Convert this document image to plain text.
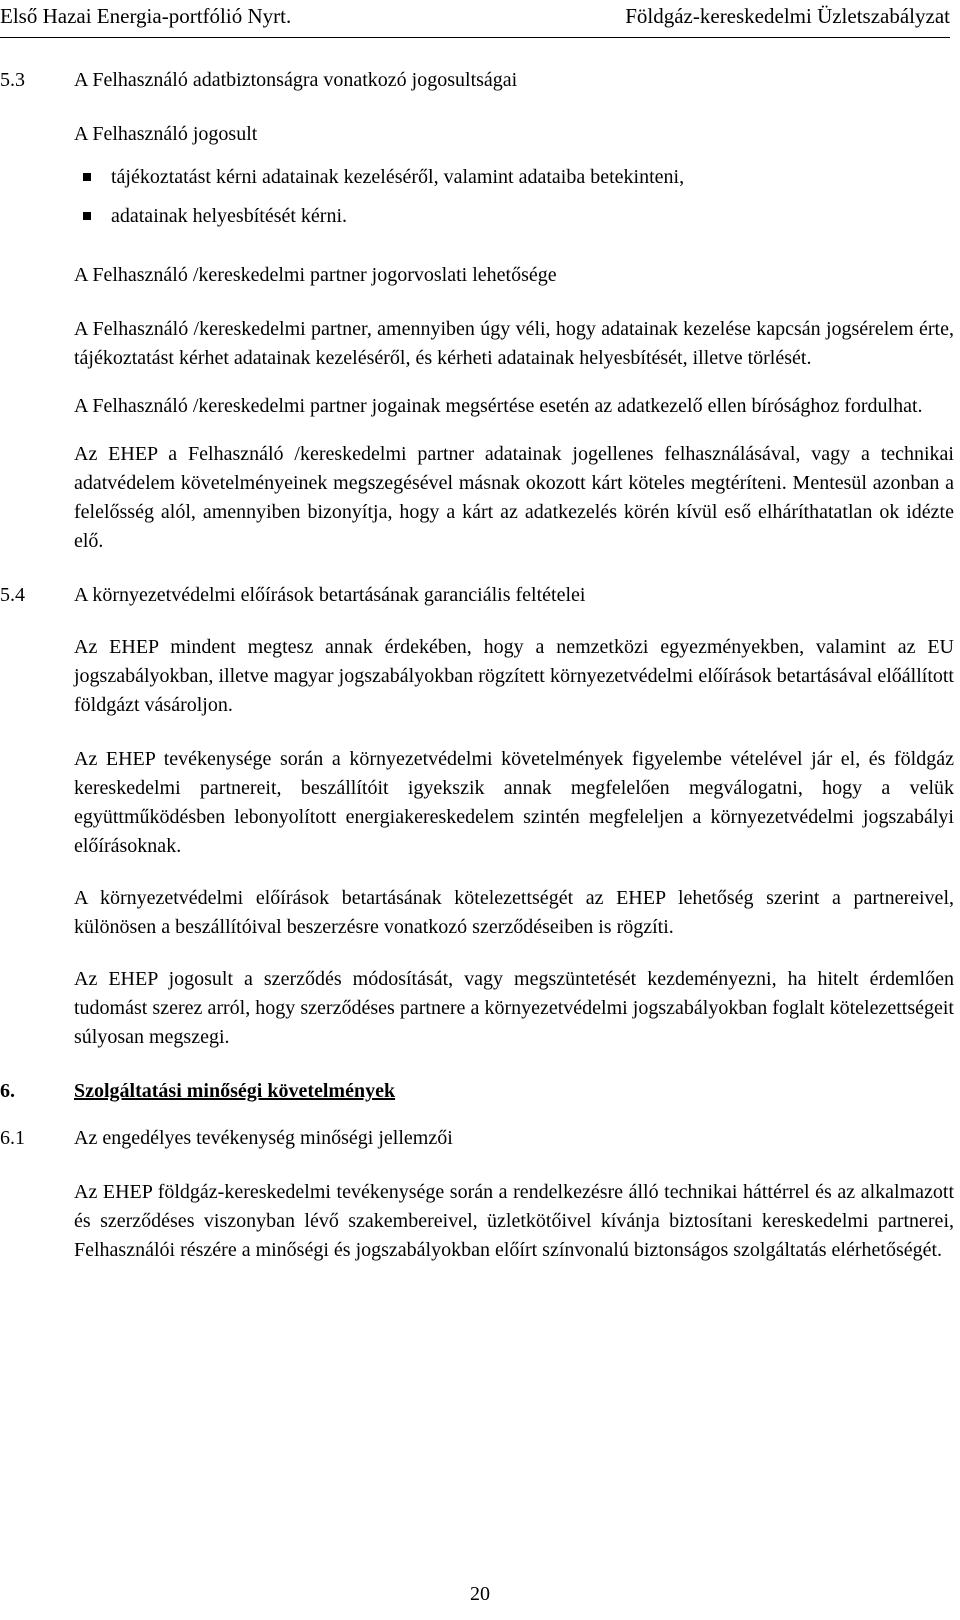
Első Hazai Energia-portfólió Nyrt.	Földgáz-kereskedelmi Üzletszabályzat
5.3	A Felhasználó adatbiztonságra vonatkozó jogosultságai

A Felhasználó jogosult

tájékoztatást kérni adatainak kezeléséről, valamint adataiba betekinteni,
adatainak helyesbítését kérni.

A Felhasználó /kereskedelmi partner jogorvoslati lehetősége

A Felhasználó /kereskedelmi partner, amennyiben úgy véli, hogy adatainak kezelése kapcsán jogsérelem érte, tájékoztatást kérhet adatainak kezeléséről, és kérheti adatainak helyesbítését, illetve törlését.

A Felhasználó /kereskedelmi partner jogainak megsértése esetén az adatkezelő ellen bírósághoz fordulhat.

Az EHEP a Felhasználó /kereskedelmi partner adatainak jogellenes felhasználásával, vagy a technikai adatvédelem követelményeinek megszegésével másnak okozott kárt köteles megtéríteni. Mentesül azonban a felelősség alól, amennyiben bizonyítja, hogy a kárt az adatkezelés körén kívül eső elháríthatatlan ok idézte elő.

5.4	A környezetvédelmi előírások betartásának garanciális feltételei

Az EHEP mindent megtesz annak érdekében, hogy a nemzetközi egyezményekben, valamint az EU jogszabályokban, illetve magyar jogszabályokban rögzített környezetvédelmi előírások betartásával előállított földgázt vásároljon.

Az EHEP tevékenysége során a környezetvédelmi követelmények figyelembe vételével jár el, és földgáz kereskedelmi partnereit, beszállítóit igyekszik annak megfelelően megválogatni, hogy a velük együttműködésben lebonyolított energiakereskedelem szintén megfeleljen a környezetvédelmi jogszabályi előírásoknak.

A környezetvédelmi előírások betartásának kötelezettségét az EHEP lehetőség szerint a partnereivel, különösen a beszállítóival beszerzésre vonatkozó szerződéseiben is rögzíti.

Az EHEP jogosult a szerződés módosítását, vagy megszüntetését kezdeményezni, ha hitelt érdemlően tudomást szerez arról, hogy szerződéses partnere a környezetvédelmi jogszabályokban foglalt kötelezettségeit súlyosan megszegi.

6.	Szolgáltatási minőségi követelmények
6.1	Az engedélyes tevékenység minőségi jellemzői

Az EHEP földgáz-kereskedelmi tevékenysége során a rendelkezésre álló technikai háttérrel és az alkalmazott és szerződéses viszonyban lévő szakembereivel, üzletkötőivel kívánja biztosítani kereskedelmi partnerei, Felhasználói részére a minőségi és jogszabályokban előírt színvonalú biztonságos szolgáltatás elérhetőségét.

20
